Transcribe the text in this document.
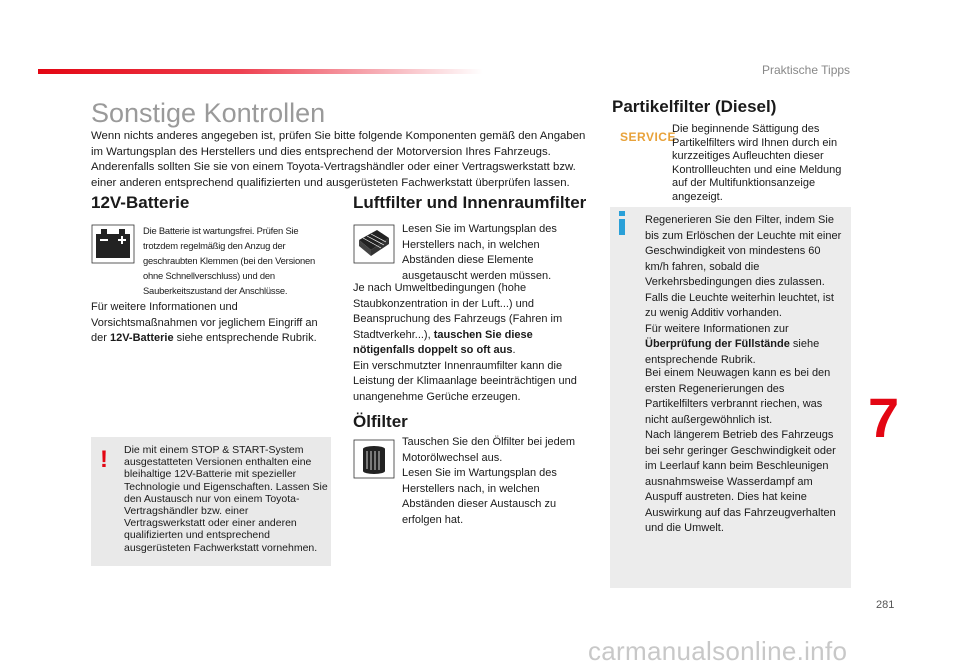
Praktische Tipps
Sonstige Kontrollen
Wenn nichts anderes angegeben ist, prüfen Sie bitte folgende Komponenten gemäß den Angaben im Wartungsplan des Herstellers und dies entsprechend der Motorversion Ihres Fahrzeugs. Anderenfalls sollten Sie sie von einem Toyota-Vertragshändler oder einer Vertragswerkstatt bzw. einer anderen entsprechend qualifizierten und ausgerüsteten Fachwerkstatt überprüfen lassen.
12V-Batterie
Die Batterie ist wartungsfrei. Prüfen Sie trotzdem regelmäßig den Anzug der geschraubten Klemmen (bei den Versionen ohne Schnellverschluss) und den Sauberkeitszustand der Anschlüsse.
Für weitere Informationen und Vorsichtsmaßnahmen vor jeglichem Eingriff an der 12V-Batterie siehe entsprechende Rubrik.
! Die mit einem STOP & START-System ausgestatteten Versionen enthalten eine bleihaltige 12V-Batterie mit spezieller Technologie und Eigenschaften. Lassen Sie den Austausch nur von einem Toyota-Vertragshändler bzw. einer Vertragswerkstatt oder einer anderen qualifizierten und entsprechend ausgerüsteten Fachwerkstatt vornehmen.
Luftfilter und Innenraumfilter
Lesen Sie im Wartungsplan des Herstellers nach, in welchen Abständen diese Elemente ausgetauscht werden müssen.
Je nach Umweltbedingungen (hohe Staubkonzentration in der Luft...) und Beanspruchung des Fahrzeugs (Fahren im Stadtverkehr...), tauschen Sie diese nötigenfalls doppelt so oft aus.
Ein verschmutzter Innenraumfilter kann die Leistung der Klimaanlage beeinträchtigen und unangenehme Gerüche erzeugen.
Ölfilter
Tauschen Sie den Ölfilter bei jedem Motorölwechsel aus.
Lesen Sie im Wartungsplan des Herstellers nach, in welchen Abständen dieser Austausch zu erfolgen hat.
Partikelfilter (Diesel)
SERVICE
Die beginnende Sättigung des Partikelfilters wird Ihnen durch ein kurzzeitiges Aufleuchten dieser Kontrollleuchten und eine Meldung auf der Multifunktionsanzeige angezeigt.
Regenerieren Sie den Filter, indem Sie bis zum Erlöschen der Leuchte mit einer Geschwindigkeit von mindestens 60 km/h fahren, sobald die Verkehrsbedingungen dies zulassen.
Falls die Leuchte weiterhin leuchtet, ist zu wenig Additiv vorhanden.
Für weitere Informationen zur Überprüfung der Füllstände siehe entsprechende Rubrik.
Bei einem Neuwagen kann es bei den ersten Regenerierungen des Partikelfilters verbrannt riechen, was nicht außergewöhnlich ist.
Nach längerem Betrieb des Fahrzeugs bei sehr geringer Geschwindigkeit oder im Leerlauf kann beim Beschleunigen ausnahmsweise Wasserdampf am Auspuff austreten. Dies hat keine Auswirkung auf das Fahrzeugverhalten und die Umwelt.
7
281
carmanualsonline.info
